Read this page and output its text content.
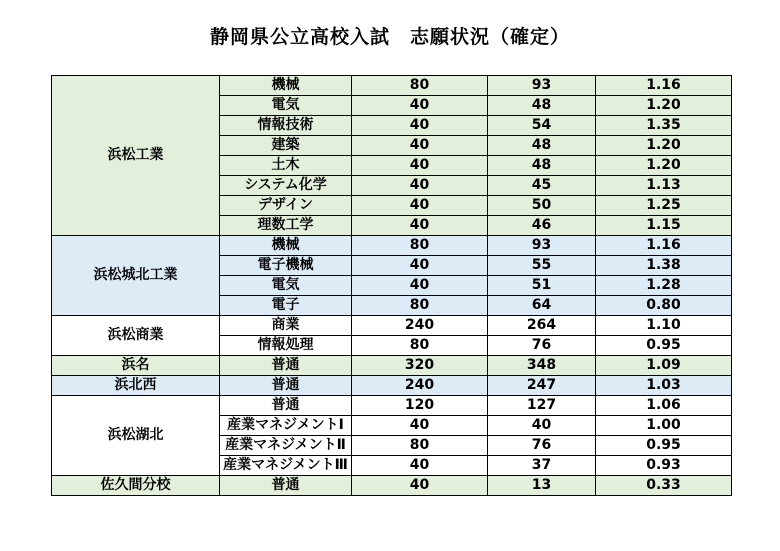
静岡県公立高校入試　志願状況（確定）
浜松工業	機械	80	93	1.16
	電気	40	48	1.20
	情報技術	40	54	1.35
	建築	40	48	1.20
	土木	40	48	1.20
	システム化学	40	45	1.13
	デザイン	40	50	1.25
	理数工学	40	46	1.15
浜松城北工業	機械	80	93	1.16
	電子機械	40	55	1.38
	電気	40	51	1.28
	電子	80	64	0.80
浜松商業	商業	240	264	1.10
	情報処理	80	76	0.95
浜名	普通	320	348	1.09
浜北西	普通	240	247	1.03
浜松湖北	普通	120	127	1.06
	産業マネジメントⅠ	40	40	1.00
	産業マネジメントⅡ	80	76	0.95
	産業マネジメントⅢ	40	37	0.93
佐久間分校	普通	40	13	0.33
